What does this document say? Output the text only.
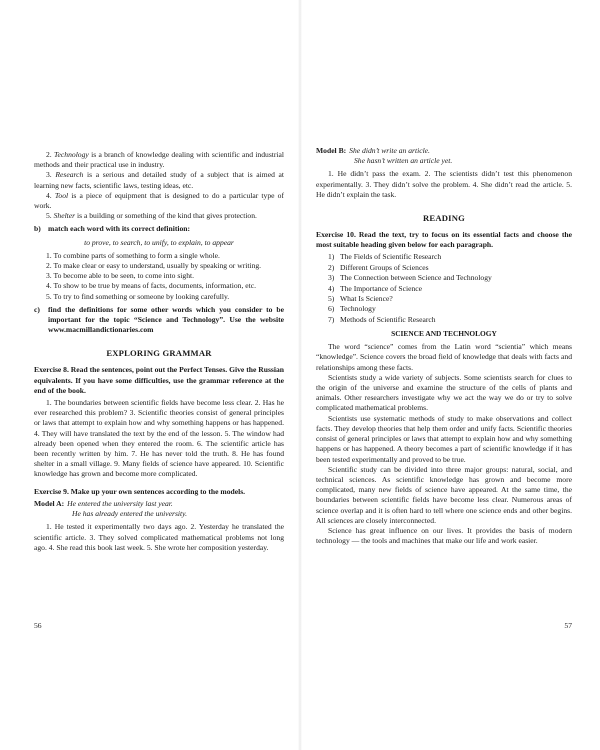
2. Technology is a branch of knowledge dealing with scientific and industrial methods and their practical use in industry.

3. Research is a serious and detailed study of a subject that is aimed at learning new facts, scientific laws, testing ideas, etc.

4. Tool is a piece of equipment that is designed to do a particular type of work.

5. Shelter is a building or something of the kind that gives protection.

b) match each word with its correct definition:

to prove, to search, to unify, to explain, to appear

1. To combine parts of something to form a single whole.
2. To make clear or easy to understand, usually by speaking or writing.
3. To become able to be seen, to come into sight.
4. To show to be true by means of facts, documents, information, etc.
5. To try to find something or someone by looking carefully.
c)	find the definitions for some other words which you consider to be important for the topic “Science and Technology”. Use the website www.macmillandictionaries.com
EXPLORING GRAMMAR

Exercise 8. Read the sentences, point out the Perfect Tenses. Give the Russian equivalents. If you have some difficulties, use the grammar reference at the end of the book.

1. The boundaries between scientific fields have become less clear. 2. Has he ever researched this problem? 3. Scientific theories consist of general principles or laws that attempt to explain how and why something happens or has happened. 4. They will have translated the text by the end of the lesson. 5. The window had already been opened when they entered the room. 6. The scientific article has been recently written by him. 7. He has never told the truth. 8. He has found shelter in a small village. 9. Many fields of science have appeared. 10. Scientific knowledge has grown and become more complicated.

Exercise 9. Make up your own sentences according to the models.

Model A: He entered the university last year.
He has already entered the university.

1. He tested it experimentally two days ago. 2. Yesterday he translated the scientific article. 3. They solved complicated mathematical problems not long ago. 4. She read this book last week. 5. She wrote her composition yesterday.

56
Model B: She didn’t write an article.
She hasn’t written an article yet.

1. He didn’t pass the exam. 2. The scientists didn’t test this phenomenon experimentally. 3. They didn’t solve the problem. 4. She didn’t read the article. 5. He didn’t explain the task.

READING

Exercise 10. Read the text, try to focus on its essential facts and choose the most suitable heading given below for each paragraph.

1) The Fields of Scientific Research
2) Different Groups of Sciences
3) The Connection between Science and Technology
4) The Importance of Science
5) What Is Science?
6) Technology
7) Methods of Scientific Research
SCIENCE AND TECHNOLOGY

The word “science” comes from the Latin word “scientia” which means “knowledge”. Science covers the broad field of knowledge that deals with facts and relationships among these facts.

Scientists study a wide variety of subjects. Some scientists search for clues to the origin of the universe and examine the structure of the cells of plants and animals. Other researchers investigate why we act the way we do or try to solve complicated mathematical problems.

Scientists use systematic methods of study to make observations and collect facts. They develop theories that help them order and unify facts. Scientific theories consist of general principles or laws that attempt to explain how and why something happens or has happened. A theory becomes a part of scientific knowledge if it has been tested experimentally and proved to be true.

Scientific study can be divided into three major groups: natural, social, and technical sciences. As scientific knowledge has grown and become more complicated, many new fields of science have appeared. At the same time, the boundaries between scientific fields have become less clear. Numerous areas of science overlap and it is often hard to tell where one science ends and other begins. All sciences are closely interconnected.

Science has great influence on our lives. It provides the basis of modern technology — the tools and machines that make our life and work easier.

57
